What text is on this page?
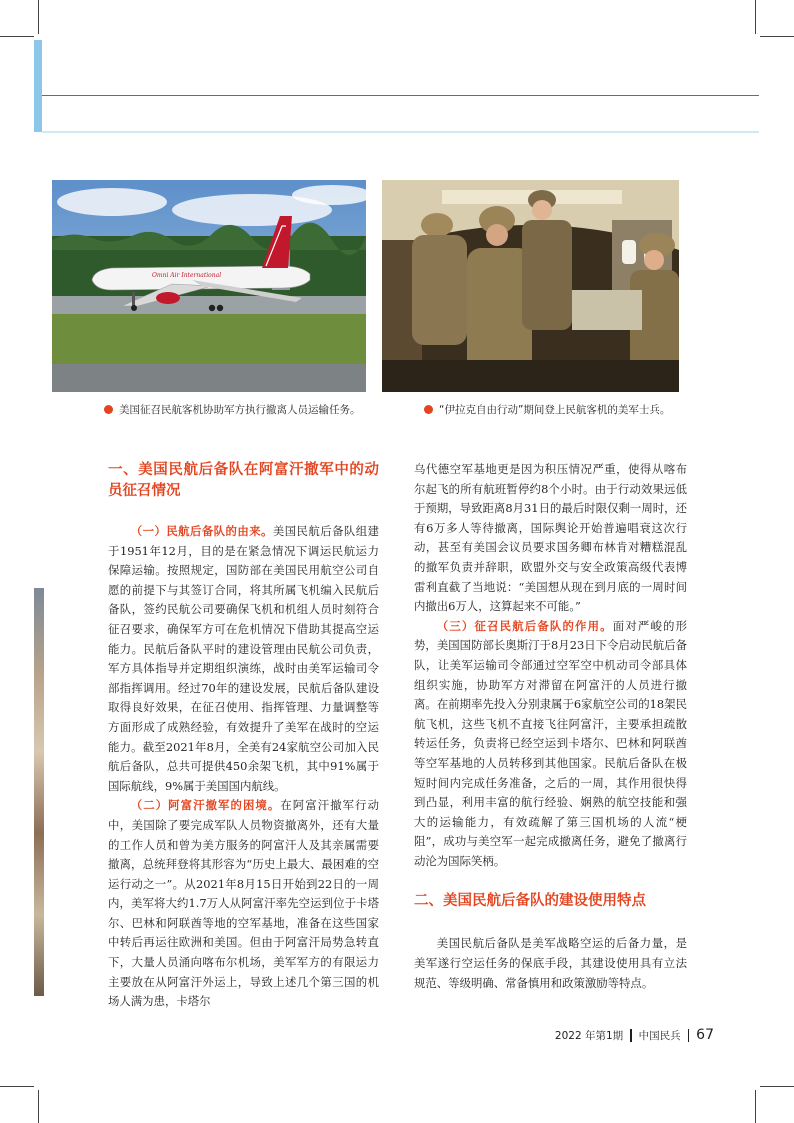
Omni Air International
美国征召民航客机协助军方执行撤离人员运输任务。	“伊拉克自由行动”期间登上民航客机的美军士兵。
一、美国民航后备队在阿富汗撤军中的动员征召情况

（一）民航后备队的由来。美国民航后备队组建于1951年12月，目的是在紧急情况下调运民航运力保障运输。按照规定，国防部在美国民用航空公司自愿的前提下与其签订合同，将其所属飞机编入民航后备队，签约民航公司要确保飞机和机组人员时刻符合征召要求，确保军方可在危机情况下借助其提高空运能力。民航后备队平时的建设管理由民航公司负责，军方具体指导并定期组织演练，战时由美军运输司令部指挥调用。经过70年的建设发展，民航后备队建设取得良好效果，在征召使用、指挥管理、力量调整等方面形成了成熟经验，有效提升了美军在战时的空运能力。截至2021年8月，全美有24家航空公司加入民航后备队，总共可提供450余架飞机，其中91%属于国际航线，9%属于美国国内航线。

（二）阿富汗撤军的困境。在阿富汗撤军行动中，美国除了要完成军队人员物资撤离外，还有大量的工作人员和曾为美方服务的阿富汗人及其亲属需要撤离，总统拜登将其形容为“历史上最大、最困难的空运行动之一”。从2021年8月15日开始到22日的一周内，美军将大约1.7万人从阿富汗率先空运到位于卡塔尔、巴林和阿联酋等地的空军基地，准备在这些国家中转后再运往欧洲和美国。但由于阿富汗局势急转直下，大量人员涌向喀布尔机场，美军军方的有限运力主要放在从阿富汗外运上，导致上述几个第三国的机场人满为患，卡塔尔

乌代德空军基地更是因为积压情况严重，使得从喀布尔起飞的所有航班暂停约8个小时。由于行动效果远低于预期，导致距离8月31日的最后时限仅剩一周时，还有6万多人等待撤离，国际舆论开始普遍唱衰这次行动，甚至有美国会议员要求国务卿布林肯对糟糕混乱的撤军负责并辞职，欧盟外交与安全政策高级代表博雷利直截了当地说：“美国想从现在到月底的一周时间内撤出6万人，这算起来不可能。”

（三）征召民航后备队的作用。面对严峻的形势，美国国防部长奥斯汀于8月23日下令启动民航后备队，让美军运输司令部通过空军空中机动司令部具体组织实施，协助军方对滞留在阿富汗的人员进行撤离。在前期率先投入分别隶属于6家航空公司的18架民航飞机，这些飞机不直接飞往阿富汗，主要承担疏散转运任务，负责将已经空运到卡塔尔、巴林和阿联酋等空军基地的人员转移到其他国家。民航后备队在极短时间内完成任务准备，之后的一周，其作用很快得到凸显，利用丰富的航行经验、娴熟的航空技能和强大的运输能力，有效疏解了第三国机场的人流“梗阻”，成功与美空军一起完成撤离任务，避免了撤离行动沦为国际笑柄。

二、美国民航后备队的建设使用特点

美国民航后备队是美军战略空运的后备力量，是美军遂行空运任务的保底手段，其建设使用具有立法规范、等级明确、常备慎用和政策激励等特点。

2022 年第1期 中国民兵 67
